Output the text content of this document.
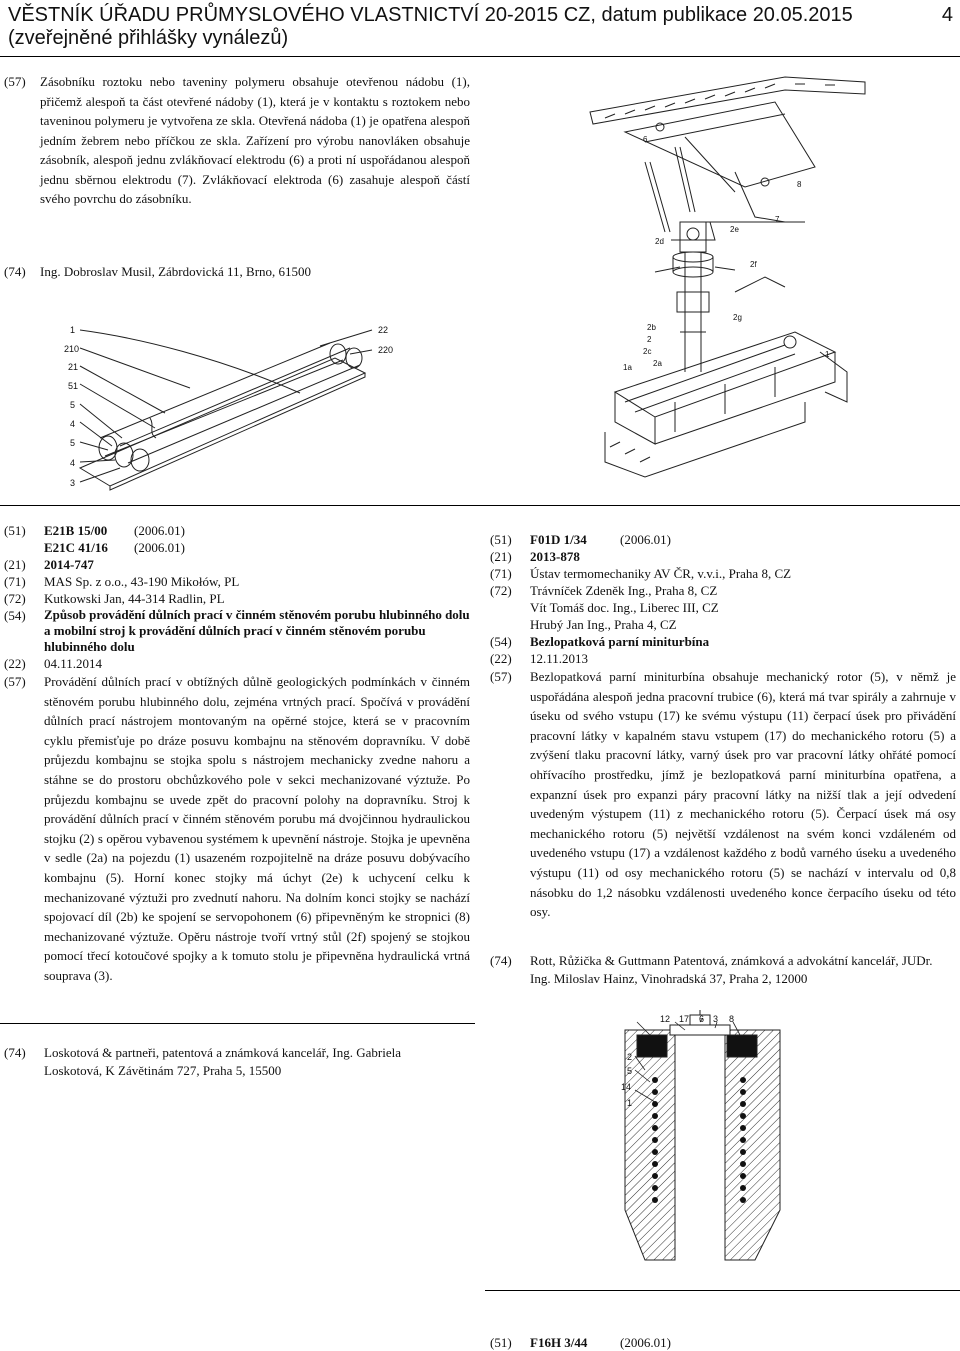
VĚSTNÍK ÚŘADU PRŮMYSLOVÉHO VLASTNICTVÍ 20-2015 CZ, datum publikace 20.05.2015
(zveřejněné přihlášky vynálezů)
4
(57)	Zásobníku roztoku nebo taveniny polymeru obsahuje otevřenou nádobu (1), přičemž alespoň ta část otevřené nádoby (1), která je v kontaktu s roztokem nebo taveninou polymeru je vytvořena ze skla. Otevřená nádoba (1) je opatřena alespoň jedním žebrem nebo příčkou ze skla. Zařízení pro výrobu nanovláken obsahuje zásobník, alespoň jednu zvlákňovací elektrodu (6) a proti ní uspořádanou alespoň jednu sběrnou elektrodu (7). Zvlákňovací elektroda (6) zasahuje alespoň částí svého povrchu do zásobníku.
(74)	Ing. Dobroslav Musil, Zábrdovická 11, Brno, 61500
1
210
21
51
5
4
5
4
3
22
220
7
8
2e
2d
2f
2g
2b
2
2c
2a
1a
1
6
(51)	E21B 15/00 (2006.01)
E21C 41/16 (2006.01)
(21)	2014-747
(71)	MAS Sp. z o.o., 43-190 Mikołów, PL
(72)	Kutkowski Jan, 44-314 Radlin, PL
(54)	Způsob provádění důlních prací v činném stěnovém porubu hlubinného dolu a mobilní stroj k provádění důlních prací v činném stěnovém porubu hlubinného dolu
(22)	04.11.2014
(57)	Provádění důlních prací v obtížných důlně geologických podmínkách v činném stěnovém porubu hlubinného dolu, zejména vrtných prací. Spočívá v provádění důlních prací nástrojem montovaným na opěrné stojce, která se v pracovním cyklu přemisťuje po dráze posuvu kombajnu na stěnovém dopravníku. V době průjezdu kombajnu se stojka spolu s nástrojem mechanicky zvedne nahoru a stáhne se do prostoru obchůzkového pole v sekci mechanizované výztuže. Po průjezdu kombajnu se uvede zpět do pracovní polohy na dopravníku. Stroj k provádění důlních prací v činném stěnovém porubu má dvojčinnou hydraulickou stojku (2) s opěrou vybavenou systémem k upevnění nástroje. Stojka je upevněna v sedle (2a) na pojezdu (1) usazeném rozpojitelně na dráze posuvu dobývacího kombajnu (5). Horní konec stojky má úchyt (2e) k uchycení celku k mechanizované výztuži pro zvednutí nahoru. Na dolním konci stojky se nachází spojovací díl (2b) ke spojení se servopohonem (6) připevněným ke stropnici (8) mechanizované výztuže. Opěru nástroje tvoří vrtný stůl (2f) spojený se stojkou pomocí třecí kotoučové spojky a k tomuto stolu je připevněna hydraulická vrtná souprava (3).
(74)	Loskotová & partneři, patentová a známková kancelář, Ing. Gabriela Loskotová, K Závětinám 727, Praha 5, 15500
(51)	F01D 1/34	(2006.01)
(21)	2013-878
(71)	Ústav termomechaniky AV ČR, v.v.i., Praha 8, CZ
(72)	Trávníček Zdeněk Ing., Praha 8, CZ
Vít Tomáš doc. Ing., Liberec III, CZ
Hrubý Jan Ing., Praha 4, CZ
(54)	Bezlopatková parní miniturbína
(22)	12.11.2013
(57)	Bezlopatková parní miniturbína obsahuje mechanický rotor (5), v němž je uspořádána alespoň jedna pracovní trubice (6), která má tvar spirály a zahrnuje v úseku od svého vstupu (17) ke svému výstupu (11) čerpací úsek pro přivádění pracovní látky v kapalném stavu vstupem (17) do mechanického rotoru (5) a zvýšení tlaku pracovní látky, varný úsek pro var pracovní látky ohřáté pomocí ohřívacího prostředku, jímž je bezlopatková parní miniturbína opatřena, a expanzní úsek pro expanzi páry pracovní látky na nižší tlak a její odvedení uvedeným výstupem (11) z mechanického rotoru (5). Čerpací úsek má osy mechanického rotoru (5) největší vzdálenost na svém konci vzdáleném od uvedeného vstupu (17) a vzdálenost každého z bodů varného úseku a uvedeného výstupu (11) od osy mechanického rotoru (5) se nachází v intervalu od 0,8 násobku do 1,2 násobku vzdálenosti uvedeného konce čerpacího úseku od této osy.
(74)	Rott, Růžička & Guttmann Patentová, známková a advokátní kancelář, JUDr. Ing. Miloslav Hainz, Vinohradská 37, Praha 2, 12000
12 17 6 3 8
2
5
14
1
(51)	F16H 3/44	(2006.01)
